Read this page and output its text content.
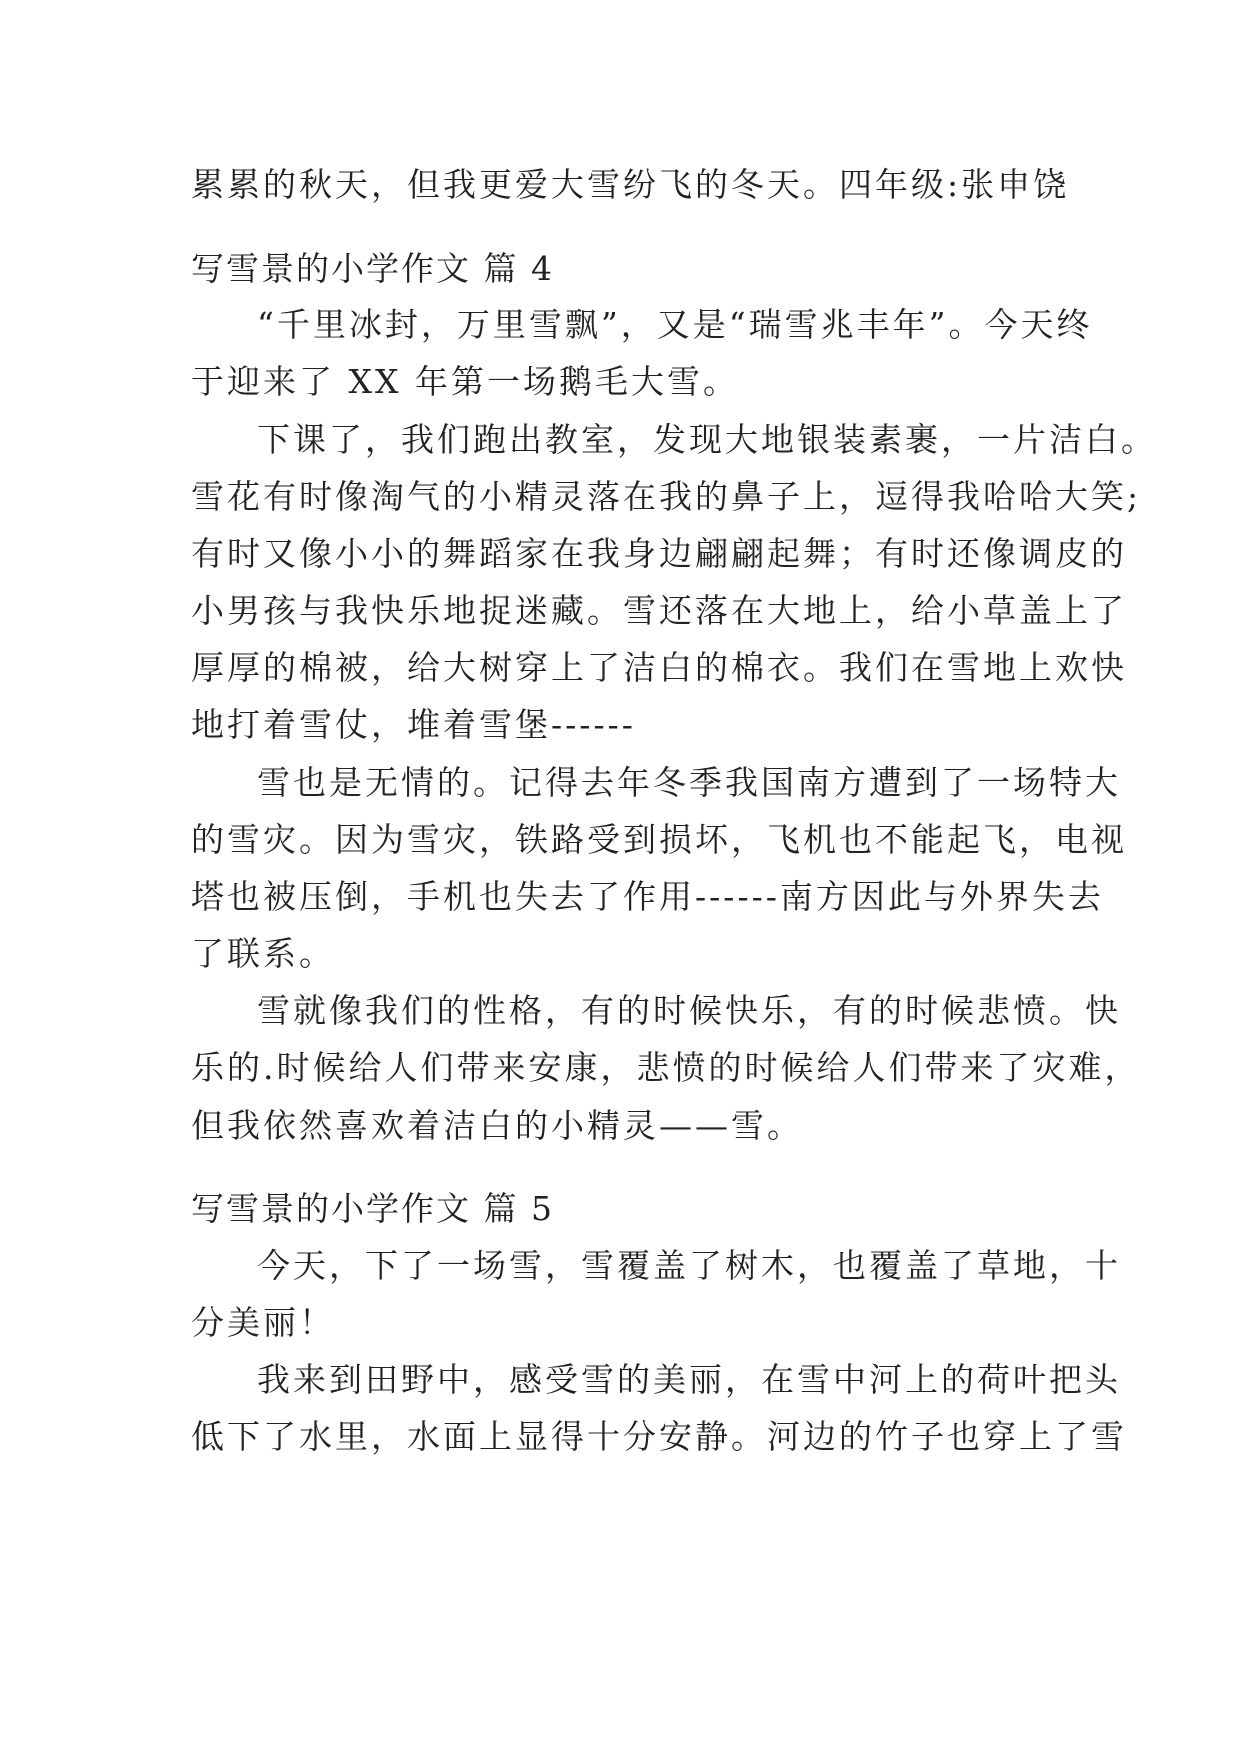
累累的秋天，但我更爱大雪纷飞的冬天。四年级:张申饶

写雪景的小学作文 篇 4

“千里冰封，万里雪飘”，又是“瑞雪兆丰年”。今天终

于迎来了 XX 年第一场鹅毛大雪。

下课了，我们跑出教室，发现大地银装素裹，一片洁白。

雪花有时像淘气的小精灵落在我的鼻子上，逗得我哈哈大笑;

有时又像小小的舞蹈家在我身边翩翩起舞；有时还像调皮的

小男孩与我快乐地捉迷藏。雪还落在大地上，给小草盖上了

厚厚的棉被，给大树穿上了洁白的棉衣。我们在雪地上欢快

地打着雪仗，堆着雪堡------

雪也是无情的。记得去年冬季我国南方遭到了一场特大

的雪灾。因为雪灾，铁路受到损坏，飞机也不能起飞，电视

塔也被压倒，手机也失去了作用------南方因此与外界失去

了联系。

雪就像我们的性格，有的时候快乐，有的时候悲愤。快

乐的.时候给人们带来安康，悲愤的时候给人们带来了灾难，

但我依然喜欢着洁白的小精灵——雪。

写雪景的小学作文 篇 5

今天，下了一场雪，雪覆盖了树木，也覆盖了草地，十

分美丽！

我来到田野中，感受雪的美丽，在雪中河上的荷叶把头

低下了水里，水面上显得十分安静。河边的竹子也穿上了雪
